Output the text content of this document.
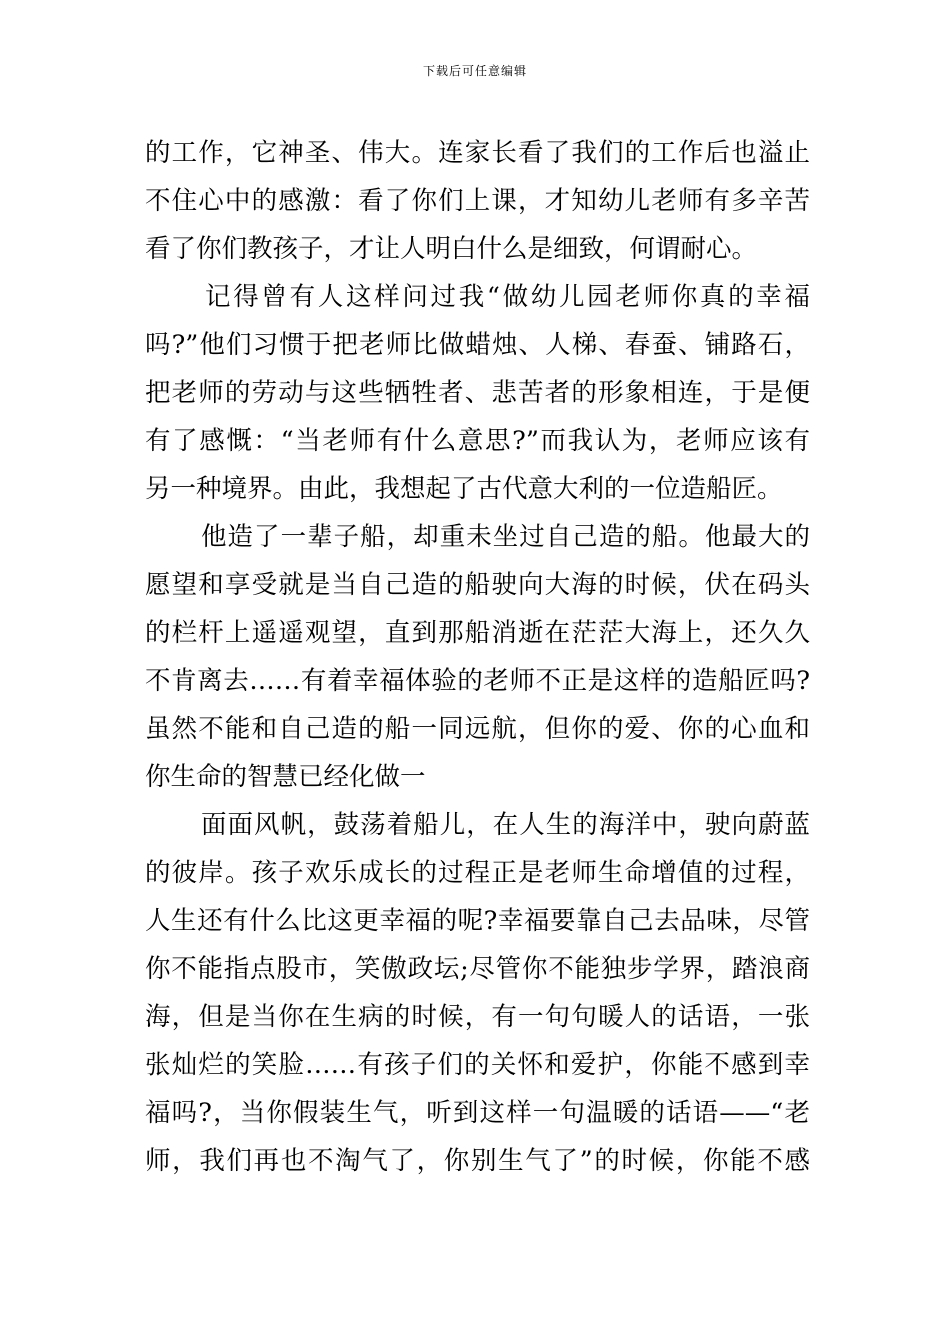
下载后可任意编辑
的工作，它神圣、伟大。连家长看了我们的工作后也溢止
不住心中的感激：看了你们上课，才知幼儿老师有多辛苦
看了你们教孩子，才让人明白什么是细致，何谓耐心。
记得曾有人这样问过我“做幼儿园老师你真的幸福
吗?”他们习惯于把老师比做蜡烛、人梯、春蚕、铺路石，
把老师的劳动与这些牺牲者、悲苦者的形象相连，于是便
有了感慨：“当老师有什么意思?”而我认为，老师应该有
另一种境界。由此，我想起了古代意大利的一位造船匠。
他造了一辈子船，却重未坐过自己造的船。他最大的
愿望和享受就是当自己造的船驶向大海的时候，伏在码头
的栏杆上遥遥观望，直到那船消逝在茫茫大海上，还久久
不肯离去……有着幸福体验的老师不正是这样的造船匠吗?
虽然不能和自己造的船一同远航，但你的爱、你的心血和
你生命的智慧已经化做一
面面风帆，鼓荡着船儿，在人生的海洋中，驶向蔚蓝
的彼岸。孩子欢乐成长的过程正是老师生命增值的过程，
人生还有什么比这更幸福的呢?幸福要靠自己去品味，尽管
你不能指点股市，笑傲政坛;尽管你不能独步学界，踏浪商
海，但是当你在生病的时候，有一句句暖人的话语，一张
张灿烂的笑脸……有孩子们的关怀和爱护，你能不感到幸
福吗?，当你假装生气，听到这样一句温暖的话语——“老
师，我们再也不淘气了，你别生气了”的时候，你能不感
